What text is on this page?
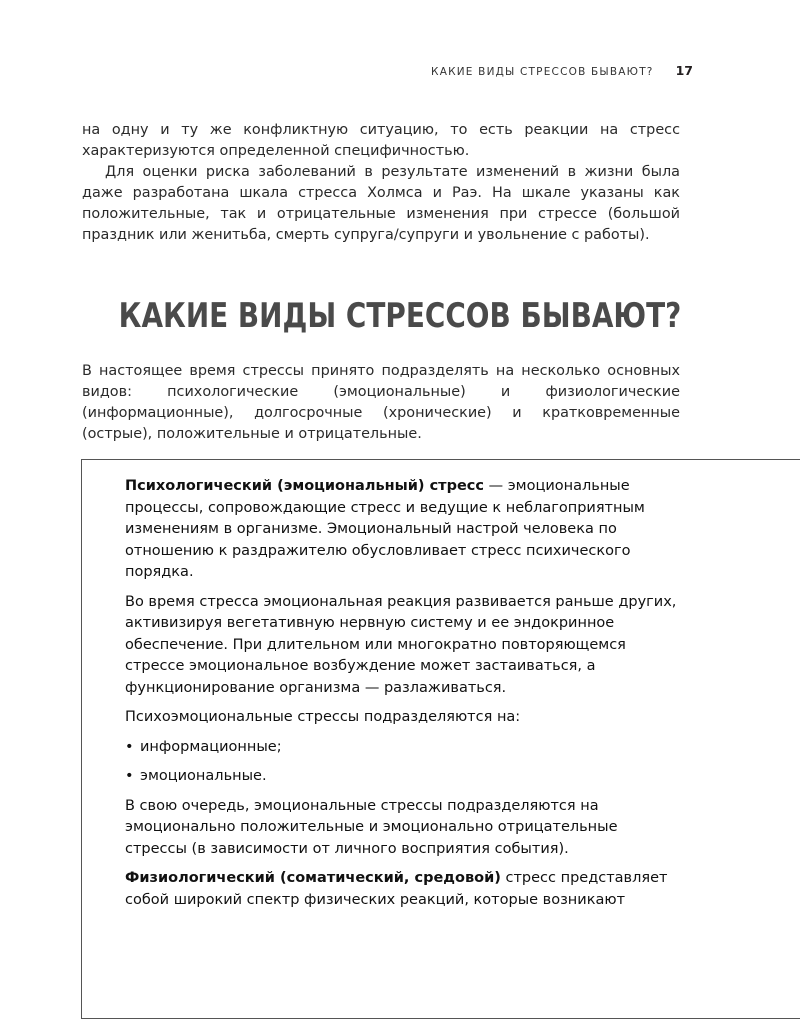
КАКИЕ ВИДЫ СТРЕССОВ БЫВАЮТ? 17

на одну и ту же конфликтную ситуацию, то есть реакции на стресс характеризуются определенной специфичностью.

Для оценки риска заболеваний в результате изменений в жизни была даже разработана шкала стресса Холмса и Раэ. На шкале указаны как положительные, так и отрицательные изменения при стрессе (большой праздник или женитьба, смерть супруга/супруги и увольнение с работы).

КАКИЕ ВИДЫ СТРЕССОВ БЫВАЮТ?

В настоящее время стрессы принято подразделять на несколько основных видов: психологические (эмоциональные) и физиологические (информационные), долгосрочные (хронические) и кратковременные (острые), положительные и отрицательные.

Психологический (эмоциональный) стресс — эмоциональные процессы, сопровождающие стресс и ведущие к неблагоприятным изменениям в организме. Эмоциональный настрой человека по отношению к раздражителю обусловливает стресс психического порядка.

Во время стресса эмоциональная реакция развивается раньше других, активизируя вегетативную нервную систему и ее эндокринное обеспечение. При длительном или многократно повторяющемся стрессе эмоциональное возбуждение может застаиваться, а функционирование организма — разлаживаться.

Психоэмоциональные стрессы подразделяются на:

• информационные;
• эмоциональные.

В свою очередь, эмоциональные стрессы подразделяются на эмоционально положительные и эмоционально отрицательные стрессы (в зависимости от личного восприятия события).

Физиологический (соматический, средовой) стресс представляет собой широкий спектр физических реакций, которые возникают
